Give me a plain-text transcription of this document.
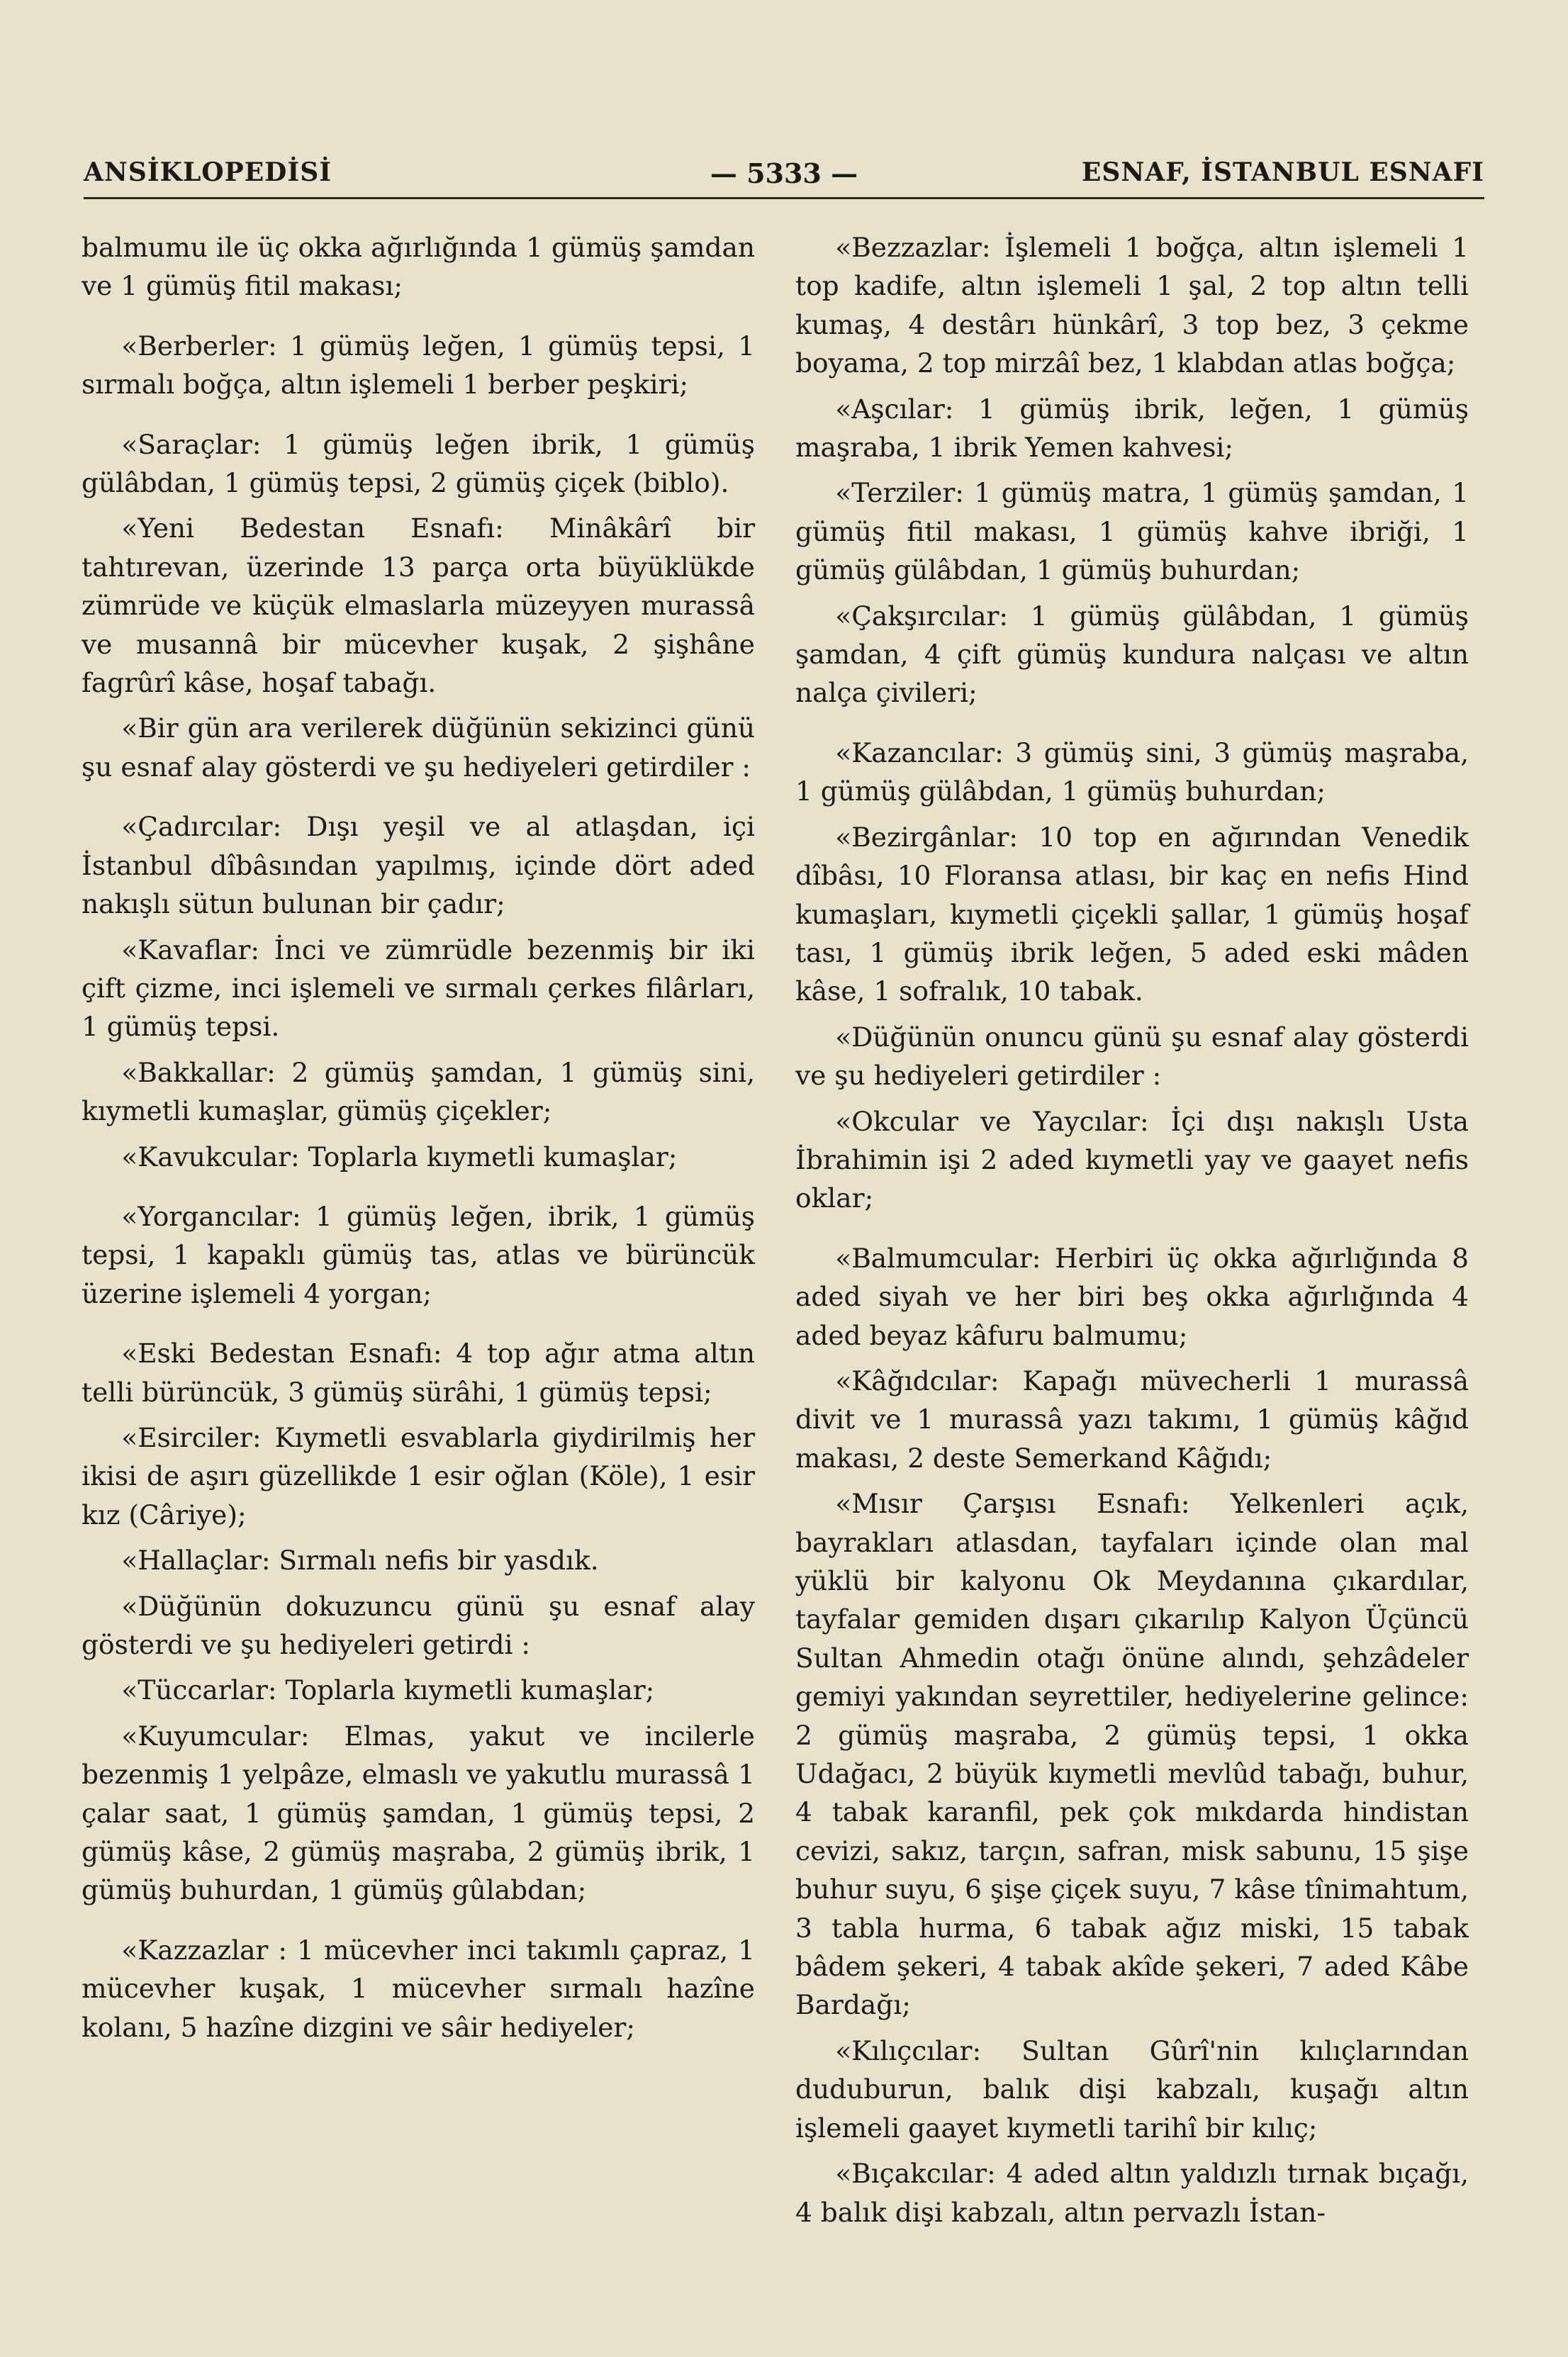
ANSİKLOPEDİSİ	— 5333 —	ESNAF, İSTANBUL ESNAFI

balmumu ile üç okka ağırlığında 1 gümüş şamdan ve 1 gümüş fitil makası;

«Berberler: 1 gümüş leğen, 1 gümüş tepsi, 1 sırmalı boğça, altın işlemeli 1 berber peşkiri;

«Saraçlar: 1 gümüş leğen ibrik, 1 gümüş gülâbdan, 1 gümüş tepsi, 2 gümüş çiçek (biblo).

«Yeni Bedestan Esnafı: Minâkârî bir tahtırevan, üzerinde 13 parça orta büyüklükde zümrüde ve küçük elmaslarla müzeyyen murassâ ve musannâ bir mücevher kuşak, 2 şişhâne fagrûrî kâse, hoşaf tabağı.

«Bir gün ara verilerek düğünün sekizinci günü şu esnaf alay gösterdi ve şu hediyeleri getirdiler :

«Çadırcılar: Dışı yeşil ve al atlaşdan, içi İstanbul dîbâsından yapılmış, içinde dört aded nakışlı sütun bulunan bir çadır;

«Kavaflar: İnci ve zümrüdle bezenmiş bir iki çift çizme, inci işlemeli ve sırmalı çerkes filârları, 1 gümüş tepsi.

«Bakkallar: 2 gümüş şamdan, 1 gümüş sini, kıymetli kumaşlar, gümüş çiçekler;

«Kavukcular: Toplarla kıymetli kumaşlar;

«Yorgancılar: 1 gümüş leğen, ibrik, 1 gümüş tepsi, 1 kapaklı gümüş tas, atlas ve bürüncük üzerine işlemeli 4 yorgan;

«Eski Bedestan Esnafı: 4 top ağır atma altın telli bürüncük, 3 gümüş sürâhi, 1 gümüş tepsi;

«Esirciler: Kıymetli esvablarla giydirilmiş her ikisi de aşırı güzellikde 1 esir oğlan (Köle), 1 esir kız (Câriye);

«Hallaçlar: Sırmalı nefis bir yasdık.

«Düğünün dokuzuncu günü şu esnaf alay gösterdi ve şu hediyeleri getirdi :

«Tüccarlar: Toplarla kıymetli kumaşlar;

«Kuyumcular: Elmas, yakut ve incilerle bezenmiş 1 yelpâze, elmaslı ve yakutlu murassâ 1 çalar saat, 1 gümüş şamdan, 1 gümüş tepsi, 2 gümüş kâse, 2 gümüş maşraba, 2 gümüş ibrik, 1 gümüş buhurdan, 1 gümüş gûlabdan;

«Kazzazlar : 1 mücevher inci takımlı çapraz, 1 mücevher kuşak, 1 mücevher sırmalı hazîne kolanı, 5 hazîne dizgini ve sâir hediyeler;

«Bezzazlar: İşlemeli 1 boğça, altın işlemeli 1 top kadife, altın işlemeli 1 şal, 2 top altın telli kumaş, 4 destârı hünkârî, 3 top bez, 3 çekme boyama, 2 top mirzâî bez, 1 klabdan atlas boğça;

«Aşcılar: 1 gümüş ibrik, leğen, 1 gümüş maşraba, 1 ibrik Yemen kahvesi;

«Terziler: 1 gümüş matra, 1 gümüş şamdan, 1 gümüş fitil makası, 1 gümüş kahve ibriği, 1 gümüş gülâbdan, 1 gümüş buhurdan;

«Çakşırcılar: 1 gümüş gülâbdan, 1 gümüş şamdan, 4 çift gümüş kundura nalçası ve altın nalça çivileri;

«Kazancılar: 3 gümüş sini, 3 gümüş maşraba, 1 gümüş gülâbdan, 1 gümüş buhurdan;

«Bezirgânlar: 10 top en ağırından Venedik dîbâsı, 10 Floransa atlası, bir kaç en nefis Hind kumaşları, kıymetli çiçekli şallar, 1 gümüş hoşaf tası, 1 gümüş ibrik leğen, 5 aded eski mâden kâse, 1 sofralık, 10 tabak.

«Düğünün onuncu günü şu esnaf alay gösterdi ve şu hediyeleri getirdiler :

«Okcular ve Yaycılar: İçi dışı nakışlı Usta İbrahimin işi 2 aded kıymetli yay ve gaayet nefis oklar;

«Balmumcular: Herbiri üç okka ağırlığında 8 aded siyah ve her biri beş okka ağırlığında 4 aded beyaz kâfuru balmumu;

«Kâğıdcılar: Kapağı müvecherli 1 murassâ divit ve 1 murassâ yazı takımı, 1 gümüş kâğıd makası, 2 deste Semerkand Kâğıdı;

«Mısır Çarşısı Esnafı: Yelkenleri açık, bayrakları atlasdan, tayfaları içinde olan mal yüklü bir kalyonu Ok Meydanına çıkardılar, tayfalar gemiden dışarı çıkarılıp Kalyon Üçüncü Sultan Ahmedin otağı önüne alındı, şehzâdeler gemiyi yakından seyrettiler, hediyelerine gelince: 2 gümüş maşraba, 2 gümüş tepsi, 1 okka Udağacı, 2 büyük kıymetli mevlûd tabağı, buhur, 4 tabak karanfil, pek çok mıkdarda hindistan cevizi, sakız, tarçın, safran, misk sabunu, 15 şişe buhur suyu, 6 şişe çiçek suyu, 7 kâse tînimahtum, 3 tabla hurma, 6 tabak ağız miski, 15 tabak bâdem şekeri, 4 tabak akîde şekeri, 7 aded Kâbe Bardağı;

«Kılıçcılar: Sultan Gûrî'nin kılıçlarından duduburun, balık dişi kabzalı, kuşağı altın işlemeli gaayet kıymetli tarihî bir kılıç;

«Bıçakcılar: 4 aded altın yaldızlı tırnak bıçağı, 4 balık dişi kabzalı, altın pervazlı İstan-
